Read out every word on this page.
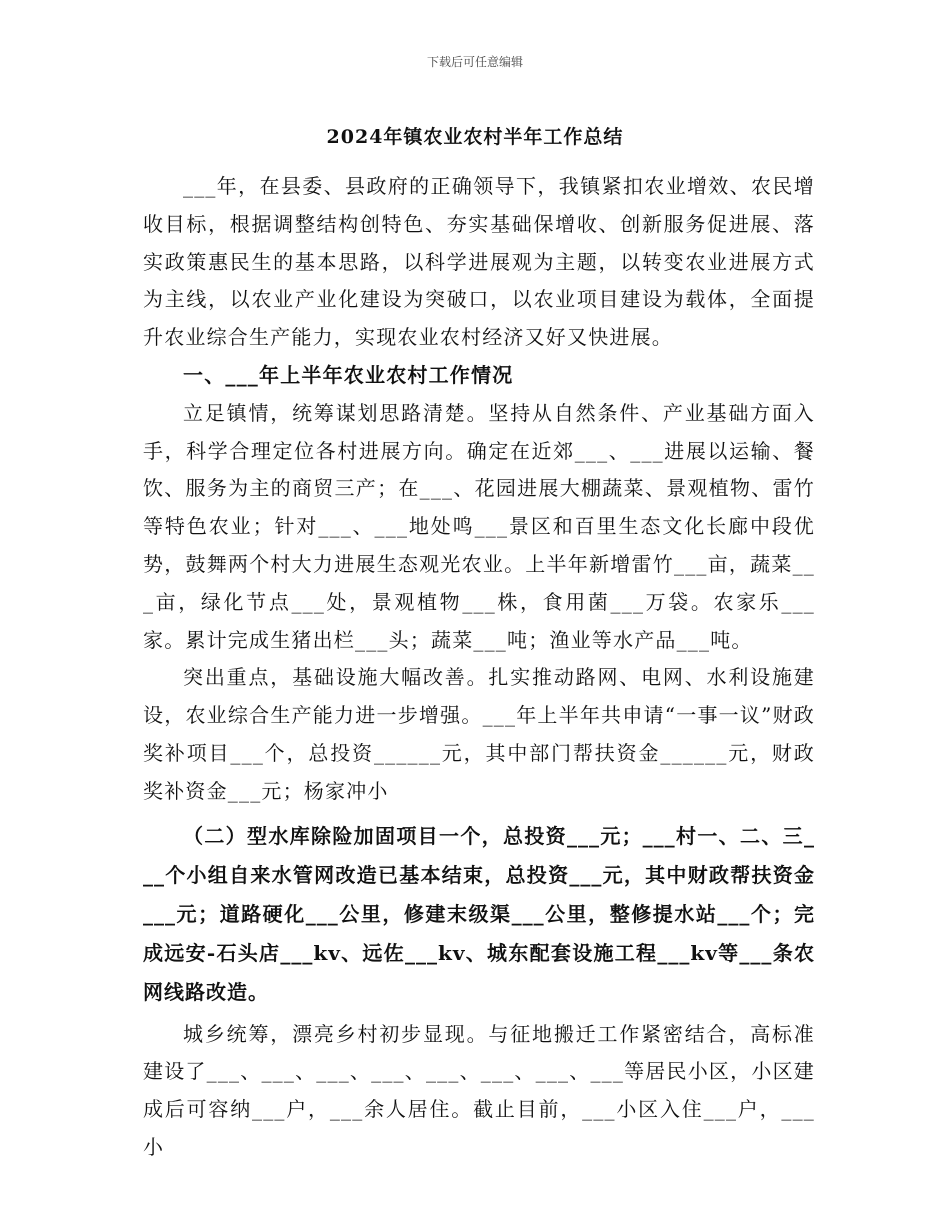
下载后可任意编辑
2024年镇农业农村半年工作总结

___年，在县委、县政府的正确领导下，我镇紧扣农业增效、农民增收目标，根据调整结构创特色、夯实基础保增收、创新服务促进展、落实政策惠民生的基本思路，以科学进展观为主题，以转变农业进展方式为主线，以农业产业化建设为突破口，以农业项目建设为载体，全面提升农业综合生产能力，实现农业农村经济又好又快进展。

一、___年上半年农业农村工作情况

立足镇情，统筹谋划思路清楚。坚持从自然条件、产业基础方面入手，科学合理定位各村进展方向。确定在近郊___、___进展以运输、餐饮、服务为主的商贸三产；在___、花园进展大棚蔬菜、景观植物、雷竹等特色农业；针对___、___地处鸣___景区和百里生态文化长廊中段优势，鼓舞两个村大力进展生态观光农业。上半年新增雷竹___亩，蔬菜___亩，绿化节点___处，景观植物___株，食用菌___万袋。农家乐___家。累计完成生猪出栏___头；蔬菜___吨；渔业等水产品___吨。

突出重点，基础设施大幅改善。扎实推动路网、电网、水利设施建设，农业综合生产能力进一步增强。___年上半年共申请“一事一议”财政奖补项目___个，总投资______元，其中部门帮扶资金______元，财政奖补资金___元；杨家冲小

（二）型水库除险加固项目一个，总投资___元；___村一、二、三___个小组自来水管网改造已基本结束，总投资___元，其中财政帮扶资金___元；道路硬化___公里，修建末级渠___公里，整修提水站___个；完成远安-石头店___kv、远佐___kv、城东配套设施工程___kv等___条农网线路改造。

城乡统筹，漂亮乡村初步显现。与征地搬迁工作紧密结合，高标准建设了___、___、___、___、___、___、___、___等居民小区，小区建成后可容纳___户，___余人居住。截止目前，___小区入住___户，___小
